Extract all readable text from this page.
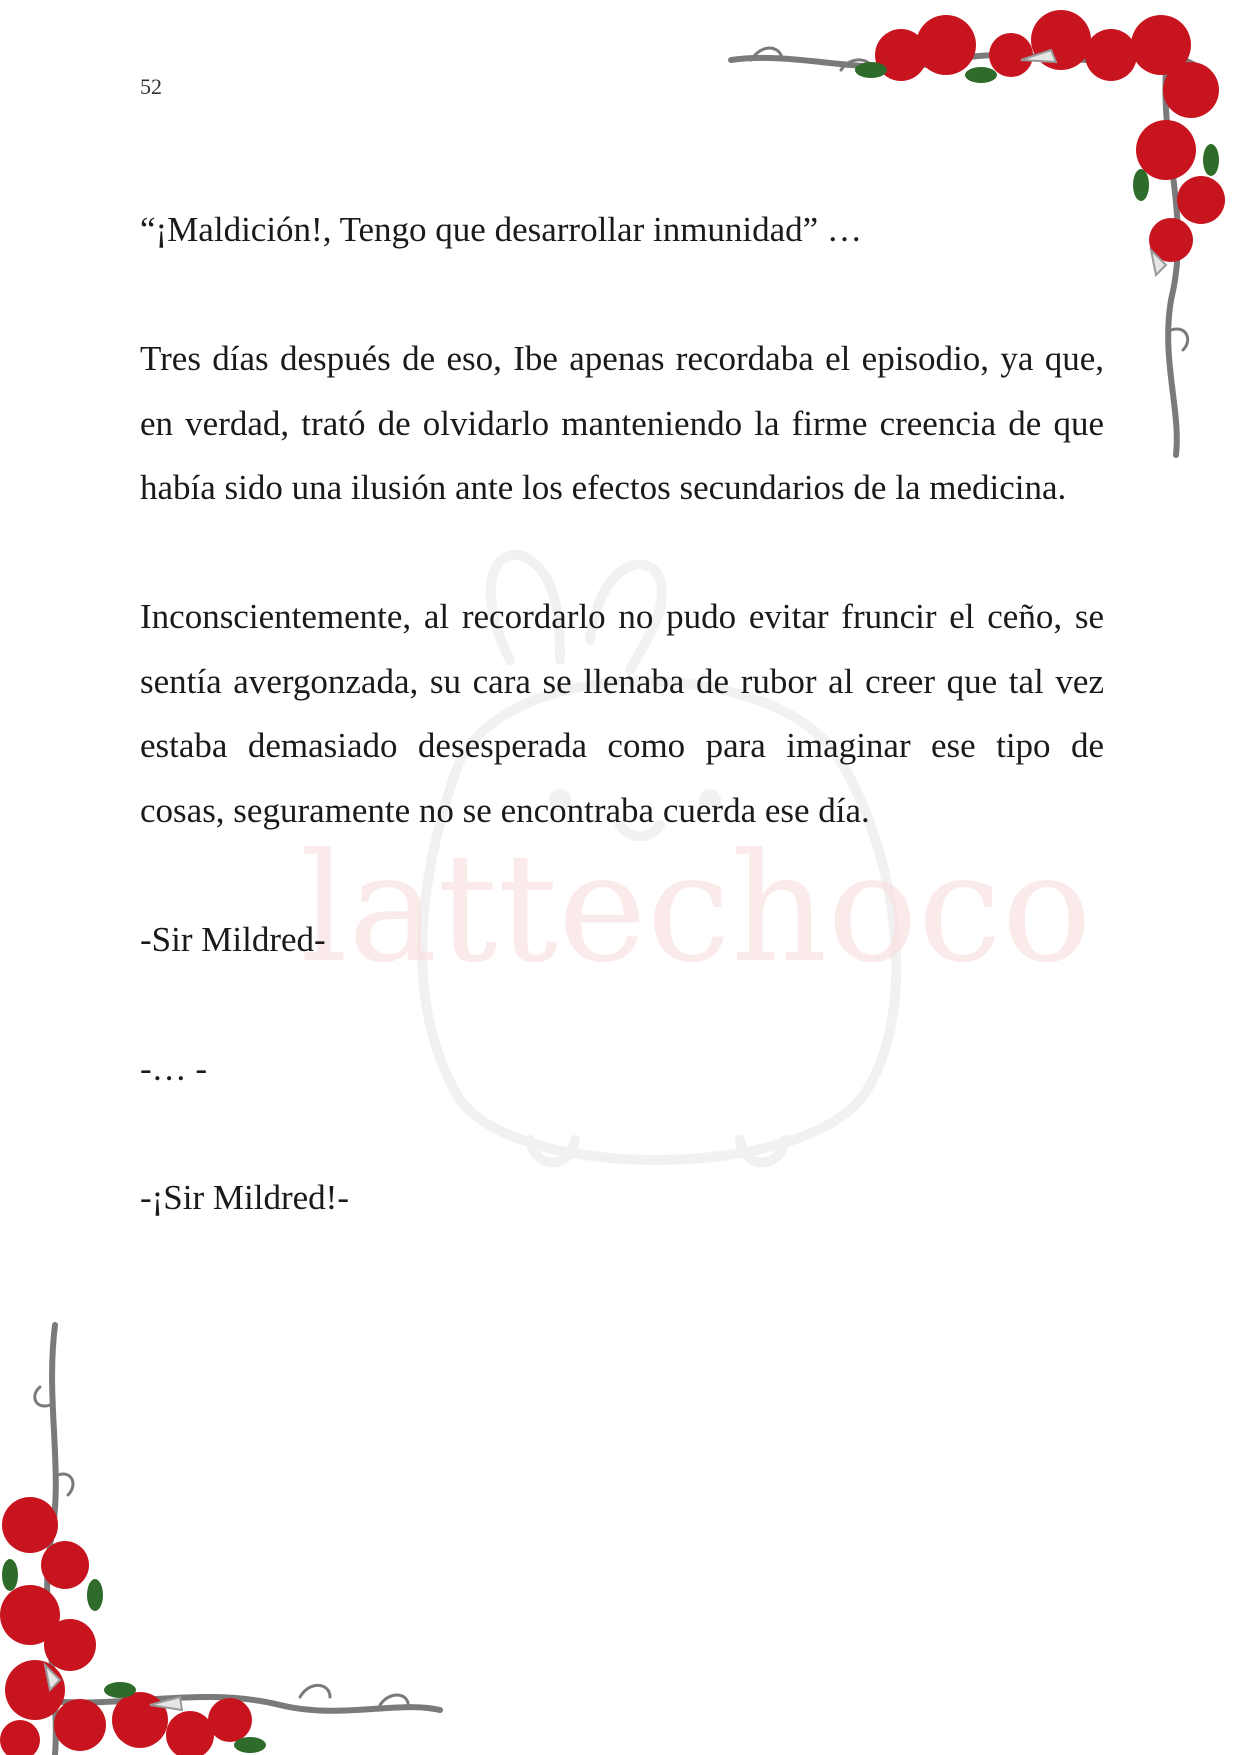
lattechoco
52

“¡Maldición!, Tengo que desarrollar inmunidad” …

Tres días después de eso, Ibe apenas recordaba el episodio, ya que, en verdad, trató de olvidarlo manteniendo la firme creencia de que había sido una ilusión ante los efectos secundarios de la medicina.

Inconscientemente, al recordarlo no pudo evitar fruncir el ceño, se sentía avergonzada, su cara se llenaba de rubor al creer que tal vez estaba demasiado desesperada como para imaginar ese tipo de cosas, seguramente no se encontraba cuerda ese día.

-Sir Mildred-

-… -

-¡Sir Mildred!-
